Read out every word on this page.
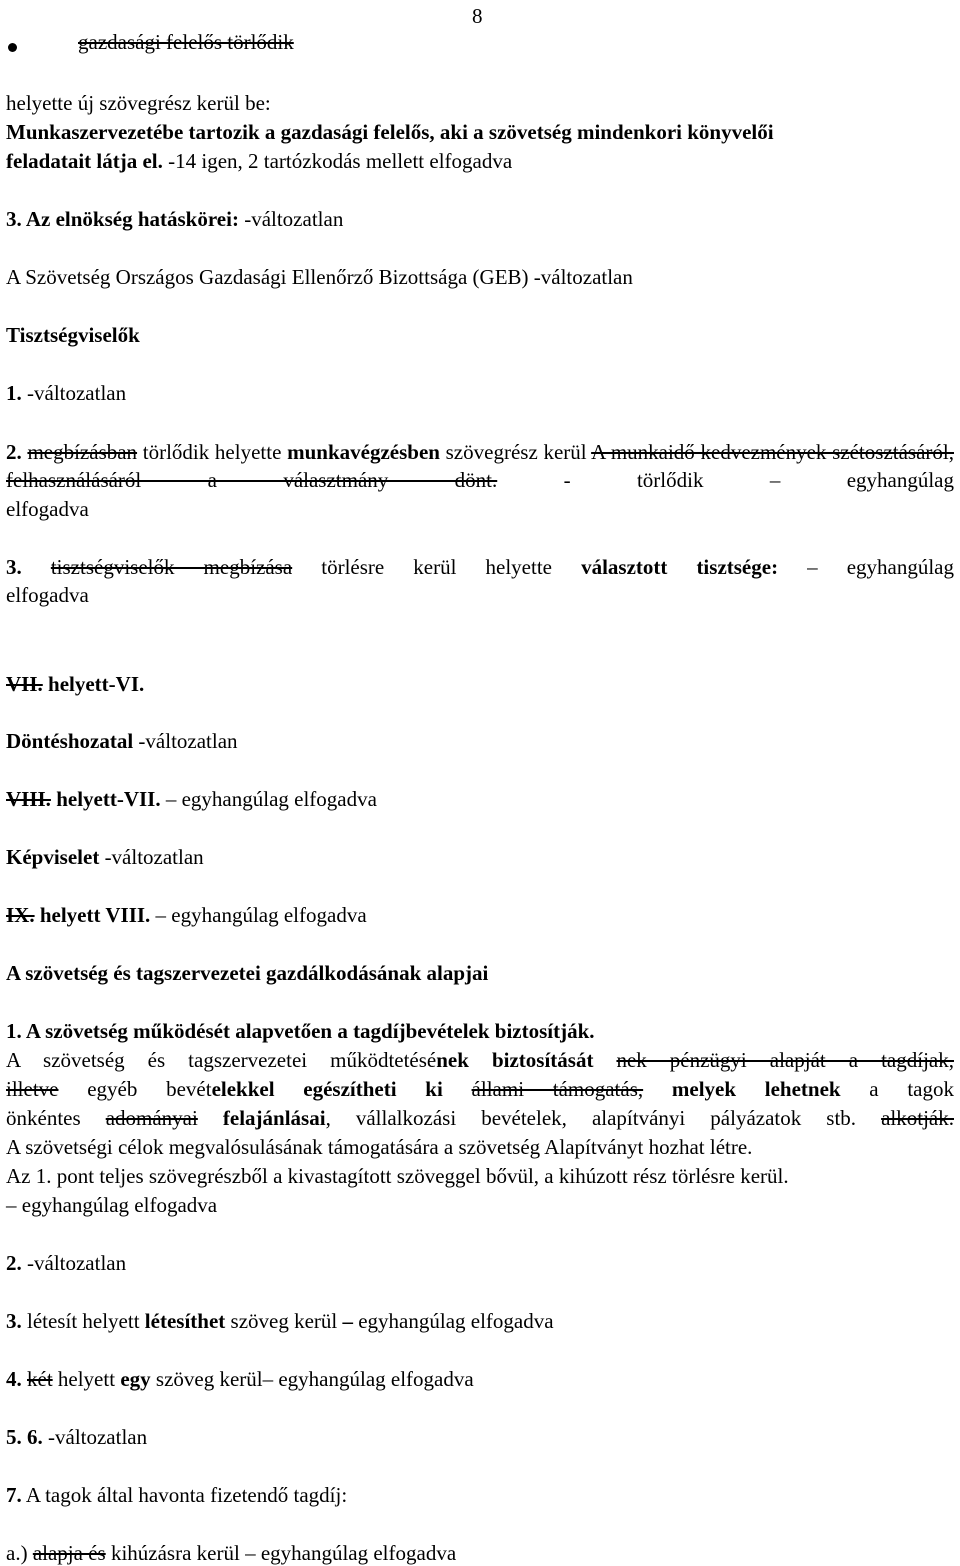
8
gazdasági felelős törlődik
helyette új szövegrész kerül be:
Munkaszervezetébe tartozik a gazdasági felelős, aki a szövetség mindenkori könyvelői
feladatait látja el. -14 igen, 2 tartózkodás mellett elfogadva
3. Az elnökség hatáskörei: -változatlan
A Szövetség Országos Gazdasági Ellenőrző Bizottsága (GEB) -változatlan
Tisztségviselők
1. -változatlan
2. megbízásban törlődik helyette munkavégzésben szövegrész kerül A munkaidő kedvezmények szétosztásáról, felhasználásáról a választmány dönt. - törlődik – egyhangúlag
elfogadva
3. tisztségviselők megbízása törlésre kerül helyette választott tisztsége: – egyhangúlag
elfogadva
VII. helyett-VI.
Döntéshozatal -változatlan
VIII. helyett-VII. – egyhangúlag elfogadva
Képviselet -változatlan
IX. helyett VIII. – egyhangúlag elfogadva
A szövetség és tagszervezetei gazdálkodásának alapjai
1. A szövetség működését alapvetően a tagdíjbevételek biztosítják.
A szövetség és tagszervezetei működtetésének biztosítását nek pénzügyi alapját a tagdíjak,
illetve egyéb bevételekkel egészítheti ki állami támogatás, melyek lehetnek a tagok
önkéntes adományai felajánlásai, vállalkozási bevételek, alapítványi pályázatok stb. alkotják.
A szövetségi célok megvalósulásának támogatására a szövetség Alapítványt hozhat létre.
Az 1. pont teljes szövegrészből a kivastagított szöveggel bővül, a kihúzott rész törlésre kerül.
– egyhangúlag elfogadva
2. -változatlan
3. létesít helyett létesíthet szöveg kerül – egyhangúlag elfogadva
4. két helyett egy szöveg kerül– egyhangúlag elfogadva
5. 6. -változatlan
7. A tagok által havonta fizetendő tagdíj:
a.) alapja és kihúzásra kerül – egyhangúlag elfogadva
